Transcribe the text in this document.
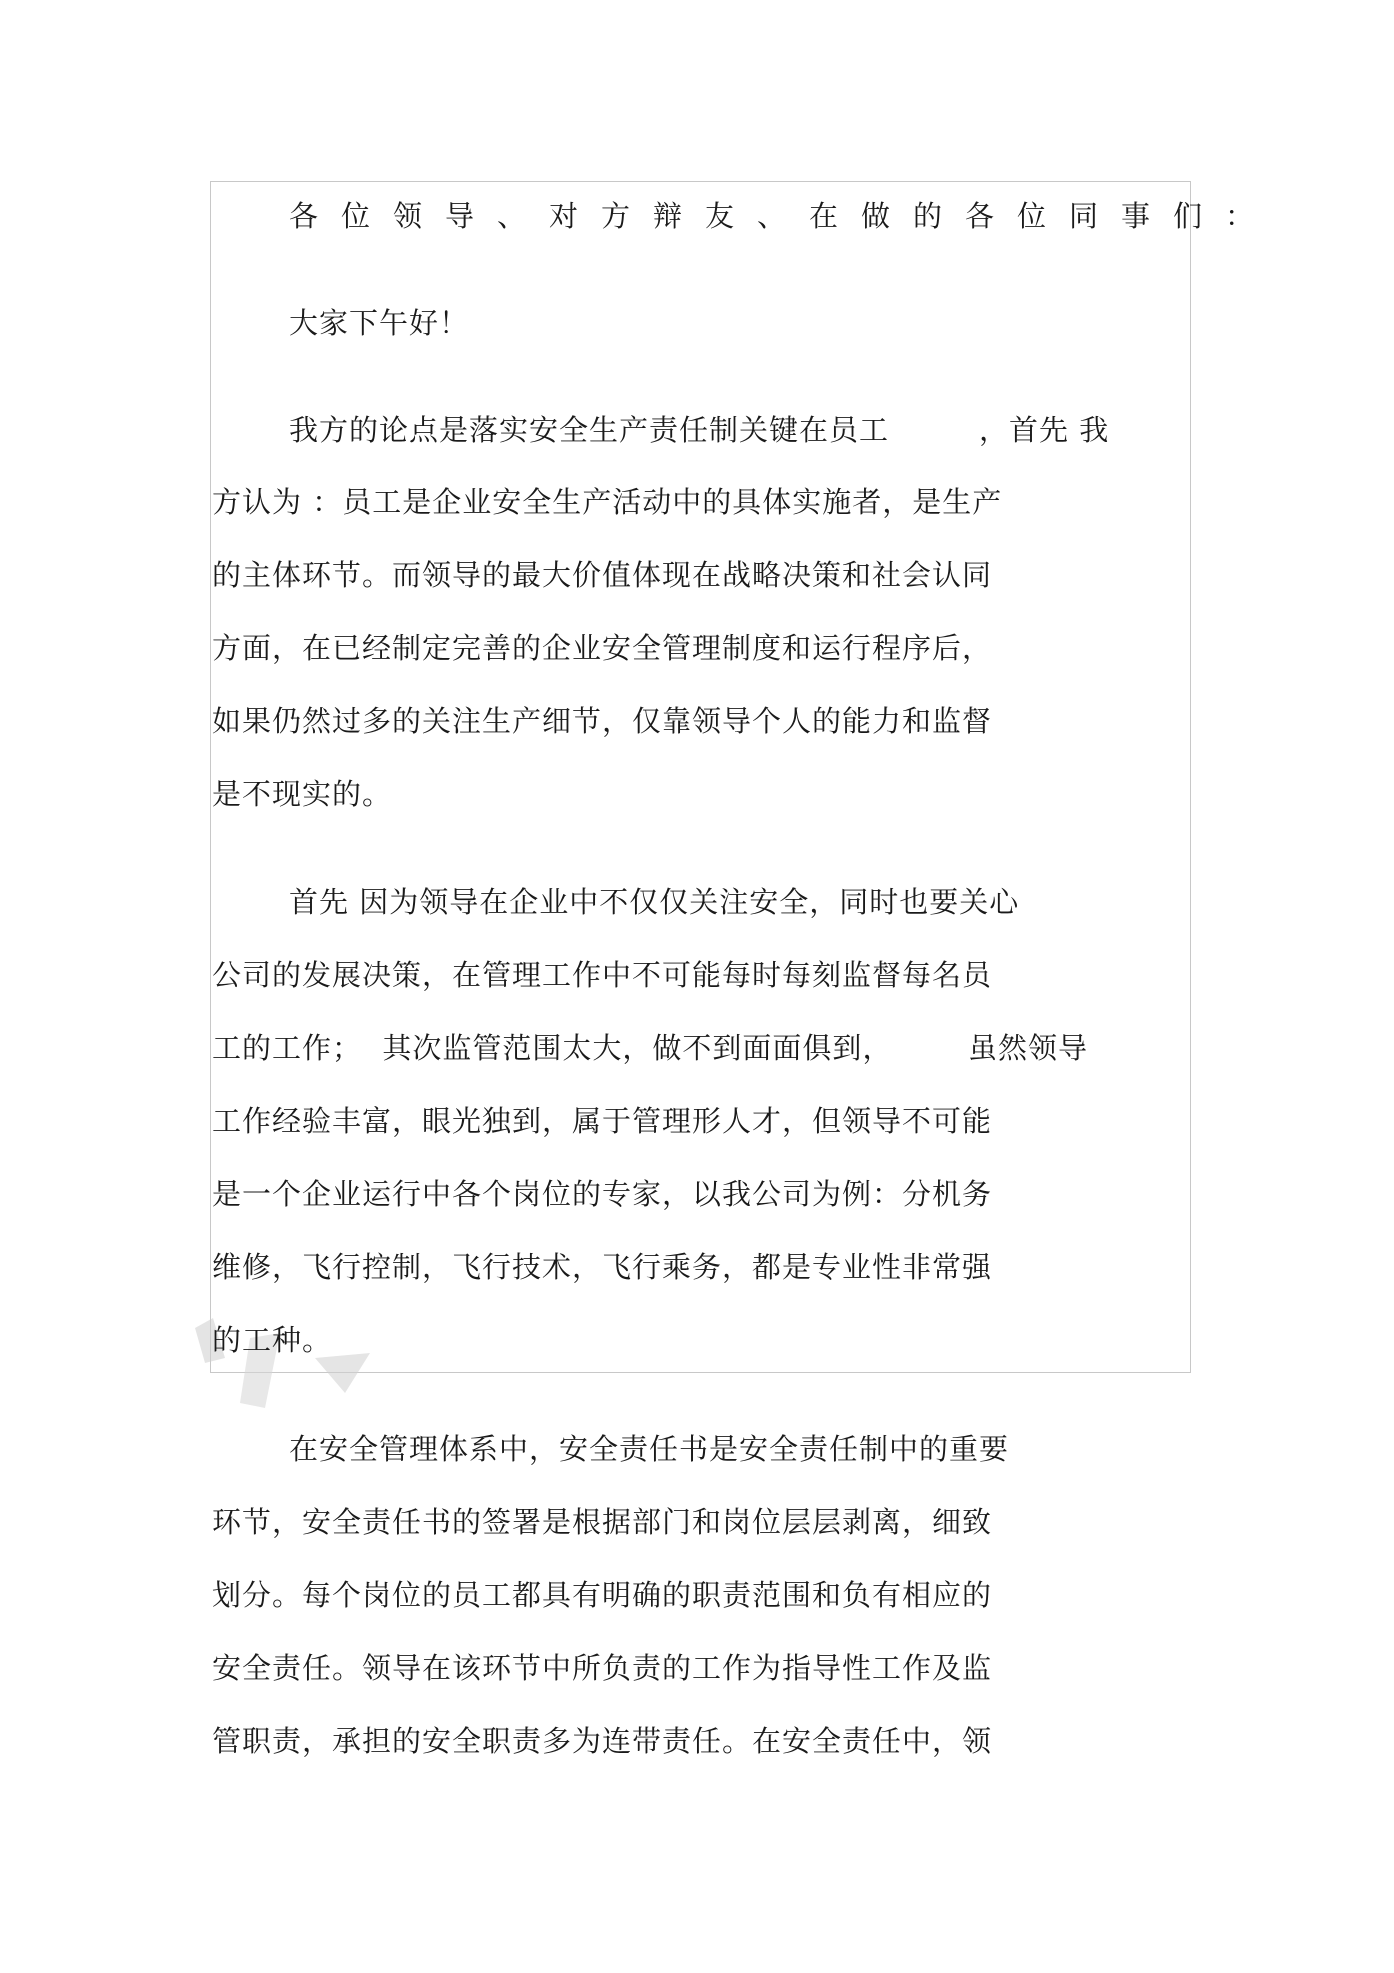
各位领导、对方辩友、在做的各位同事们：
大家下午好！
我方的论点是落实安全生产责任制关键在员工　　　，首先 我
方认为 ：员工是企业安全生产活动中的具体实施者，是生产
的主体环节。而领导的最大价值体现在战略决策和社会认同
方面，在已经制定完善的企业安全管理制度和运行程序后，
如果仍然过多的关注生产细节，仅靠领导个人的能力和监督
是不现实的。
首先 因为领导在企业中不仅仅关注安全，同时也要关心
公司的发展决策，在管理工作中不可能每时每刻监督每名员
工的工作；  其次监管范围太大，做不到面面俱到，　　　虽然领导
工作经验丰富，眼光独到，属于管理形人才，但领导不可能
是一个企业运行中各个岗位的专家，以我公司为例：分机务
维修，飞行控制，飞行技术，飞行乘务，都是专业性非常强
的工种。
在安全管理体系中，安全责任书是安全责任制中的重要
环节，安全责任书的签署是根据部门和岗位层层剥离，细致
划分。每个岗位的员工都具有明确的职责范围和负有相应的
安全责任。领导在该环节中所负责的工作为指导性工作及监
管职责，承担的安全职责多为连带责任。在安全责任中，领
